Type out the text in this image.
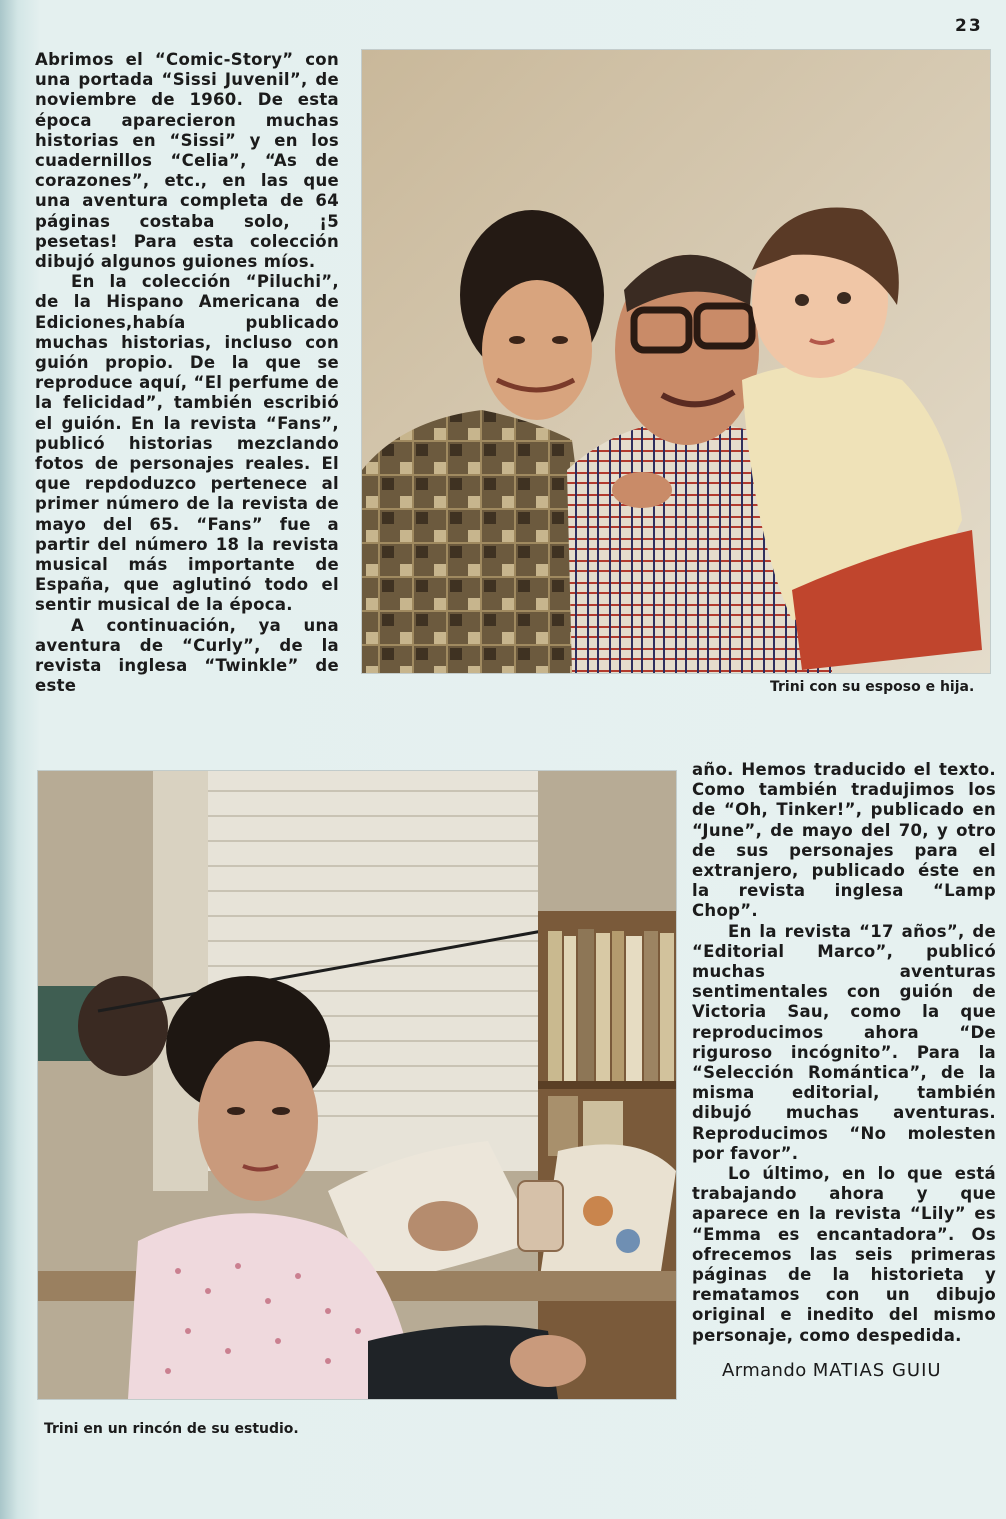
23

Abrimos el “Comic-Story” con una portada “Sissi Juvenil”, de noviembre de 1960. De esta época aparecieron muchas historias en “Sissi” y en los cuadernillos “Celia”, “As de corazones”, etc., en las que una aventura completa de 64 páginas costaba solo, ¡5 pesetas! Para esta colección dibujó algunos guiones míos.

En la colección “Piluchi”, de la Hispano Americana de Ediciones,había publicado muchas historias, incluso con guión propio. De la que se reproduce aquí, “El perfume de la felicidad”, también escribió el guión. En la revista “Fans”, publicó historias mezclando fotos de personajes reales. El que repdoduzco pertenece al primer número de la revista de mayo del 65. “Fans” fue a partir del número 18 la revista musical más importante de España, que aglutinó todo el sentir musical de la época.

A continuación, ya una aventura de “Curly”, de la revista inglesa “Twinkle” de este	Trini con su esposo e hija.
Trini en un rincón de su estudio.

año. Hemos traducido el texto. Como también tradujimos los de “Oh, Tinker!”, publicado en “June”, de mayo del 70, y otro de sus personajes para el extranjero, publicado éste en la revista inglesa “Lamp Chop”.

En la revista “17 años”, de “Editorial Marco”, publicó muchas aventuras sentimentales con guión de Victoria Sau, como la que reproducimos ahora “De riguroso incógnito”. Para la “Selección Romántica”, de la misma editorial, también dibujó muchas aventuras. Reproducimos “No molesten por favor”.

Lo último, en lo que está trabajando ahora y que aparece en la revista “Lily” es “Emma es encantadora”. Os ofrecemos las seis primeras páginas de la historieta y rematamos con un dibujo original e inedito del mismo personaje, como despedida.

Armando MATIAS GUIU
